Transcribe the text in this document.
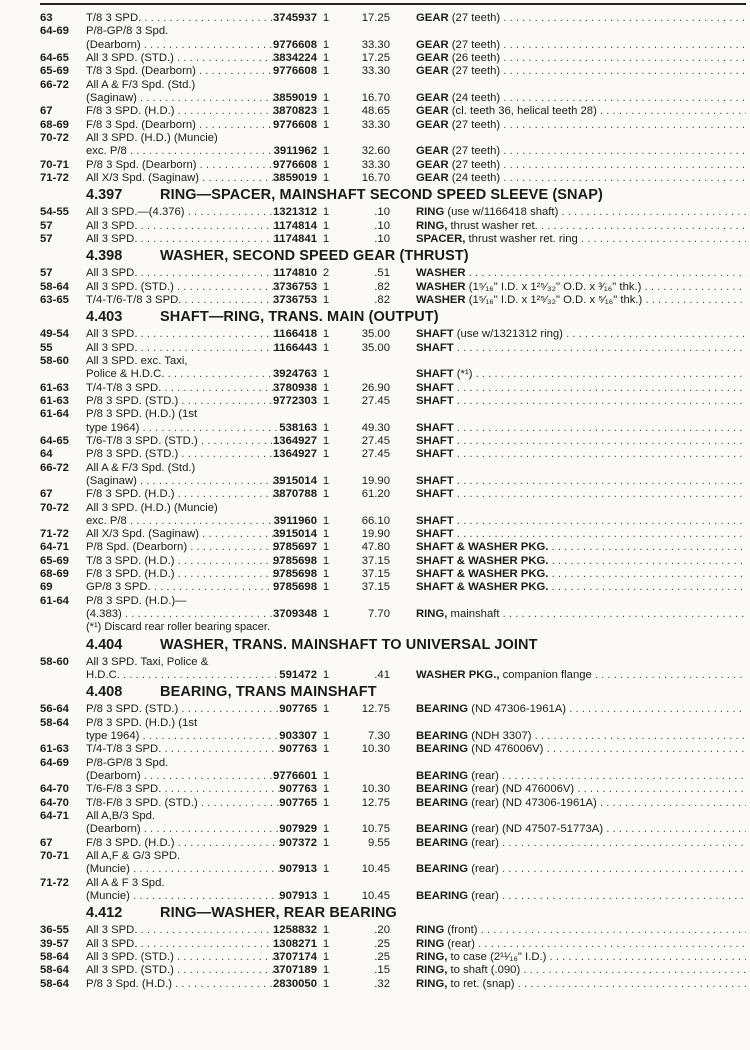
63	T/8 3 SPD. . . .	3745937 1	17.25 GEAR (27 teeth) . . .
64-69	P/8-GP/8 3 Spd.
(Dearborn) . . .	9776608 1	33.30 GEAR (27 teeth) . . .
64-65	All 3 SPD. (STD.) . . .	3834224 1	17.25 GEAR (26 teeth) . . .
65-69	T/8 3 Spd. (Dearborn) . . .	9776608 1	33.30 GEAR (27 teeth) . . .
66-72	All A & F/3 Spd. (Std.)
(Saginaw) . . .	3859019 1	16.70 GEAR (24 teeth) . . .
67	F/8 3 SPD. (H.D.) . . .	3870823 1	48.65 GEAR (cl. teeth 36, helical teeth 28) . . .
68-69	F/8 3 Spd. (Dearborn) . . .	9776608 1	33.30 GEAR (27 teeth) . . .
70-72	All 3 SPD. (H.D.) (Muncie)
exc. P/8 . . .	3911962 1	32.60 GEAR (27 teeth) . . .
70-71	P/8 3 Spd. (Dearborn) . . .	9776608 1	33.30 GEAR (27 teeth) . . .
71-72	All X/3 Spd. (Saginaw) . . .	3859019 1	16.70 GEAR (24 teeth) . . .
4.397	RING—SPACER, MAINSHAFT SECOND SPEED SLEEVE (SNAP)
54-55	All 3 SPD.—(4.376) . . .	1321312 1	.10 RING (use w/1166418 shaft) . . .
57	All 3 SPD. . . .	1174814 1	.10 RING, thrust washer ret. . . .
57	All 3 SPD. . . .	1174841 1	.10 SPACER, thrust washer ret. ring . . .
4.398	WASHER, SECOND SPEED GEAR (THRUST)
57	All 3 SPD. . . .	1174810 2	.51 WASHER . . .
58-64	All 3 SPD. (STD.) . . .	3736753 1	.82 WASHER (1⁵⁄₁₆" I.D. x 1²⁵⁄₃₂" O.D. x ³⁄₁₆" thk.) . . .
63-65	T/4-T/6-T/8 3 SPD. . . .	3736753 1	.82 WASHER (1⁵⁄₁₆" I.D. x 1²⁵⁄₃₂" O.D. x ⁵⁄₁₆" thk.) . . .
4.403	SHAFT—RING, TRANS. MAIN (OUTPUT)
49-54	All 3 SPD. . . .	1166418 1	35.00 SHAFT (use w/1321312 ring) . . .
55	All 3 SPD. . . .	1166443 1	35.00 SHAFT . . .
58-60	All 3 SPD. exc. Taxi,
Police & H.D.C. . . .	3924763 1	SHAFT (*¹) . . .
61-63	T/4-T/8 3 SPD. . . .	3780938 1	26.90 SHAFT . . .
61-63	P/8 3 SPD. (STD.) . . .	9772303 1	27.45 SHAFT . . .
61-64	P/8 3 SPD. (H.D.) (1st
type 1964) . . .	538163 1	49.30 SHAFT . . .
64-65	T/6-T/8 3 SPD. (STD.) . . .	1364927 1	27.45 SHAFT . . .
64	P/8 3 SPD. (STD.) . . .	1364927 1	27.45 SHAFT . . .
66-72	All A & F/3 Spd. (Std.)
(Saginaw) . . .	3915014 1	19.90 SHAFT . . .
67	F/8 3 SPD. (H.D.) . . .	3870788 1	61.20 SHAFT . . .
70-72	All 3 SPD. (H.D.) (Muncie)
exc. P/8 . . .	3911960 1	66.10 SHAFT . . .
71-72	All X/3 Spd. (Saginaw) . . .	3915014 1	19.90 SHAFT . . .
64-71	P/8 Spd. (Dearborn) . . .	9785697 1	47.80 SHAFT & WASHER PKG. . . .
65-69	T/8 3 SPD. (H.D.) . . .	9785698 1	37.15 SHAFT & WASHER PKG. . . .
68-69	F/8 3 SPD. (H.D.) . . .	9785698 1	37.15 SHAFT & WASHER PKG. . . .
69	GP/8 3 SPD. . . .	9785698 1	37.15 SHAFT & WASHER PKG. . . .
61-64	P/8 3 SPD. (H.D.)—
(4.383) . . .	3709348 1	7.70 RING, mainshaft . . .
(*¹) Discard rear roller bearing spacer.
4.404	WASHER, TRANS. MAINSHAFT TO UNIVERSAL JOINT
58-60	All 3 SPD. Taxi, Police &
H.D.C. . . .	591472 1	.41 WASHER PKG., companion flange . . .
4.408	BEARING, TRANS MAINSHAFT
56-64	P/8 3 SPD. (STD.) . . .	907765 1	12.75 BEARING (ND 47306-1961A) . . .
58-64	P/8 3 SPD. (H.D.) (1st
type 1964) . . .	903307 1	7.30 BEARING (NDH 3307) . . .
61-63	T/4-T/8 3 SPD. . . .	907763 1	10.30 BEARING (ND 476006V) . . .
64-69	P/8-GP/8 3 Spd.
(Dearborn) . . .	9776601 1	BEARING (rear) . . .
64-70	T/6-F/8 3 SPD. . . .	907763 1	10.30 BEARING (rear) (ND 476006V) . . .
64-70	T/8-F/8 3 SPD. (STD.) . . .	907765 1	12.75 BEARING (rear) (ND 47306-1961A) . . .
64-71	All A,B/3 Spd.
(Dearborn) . . .	907929 1	10.75 BEARING (rear) (ND 47507-51773A) . . .
67	F/8 3 SPD. (H.D.) . . .	907372 1	9.55 BEARING (rear) . . .
70-71	All A,F & G/3 SPD.
(Muncie) . . .	907913 1	10.45 BEARING (rear) . . .
71-72	All A & F 3 Spd.
(Muncie) . . .	907913 1	10.45 BEARING (rear) . . .
4.412	RING—WASHER, REAR BEARING
36-55	All 3 SPD. . . .	1258832 1	.20 RING (front) . . .
39-57	All 3 SPD. . . .	1308271 1	.25 RING (rear) . . .
58-64	All 3 SPD. (STD.) . . .	3707174 1	.25 RING, to case (2¹¹⁄₁₆" I.D.) . . .
58-64	All 3 SPD. (STD.) . . .	3707189 1	.15 RING, to shaft (.090) . . .
58-64	P/8 3 Spd. (H.D.) . . .	2830050 1	.32 RING, to ret. (snap) . . .
